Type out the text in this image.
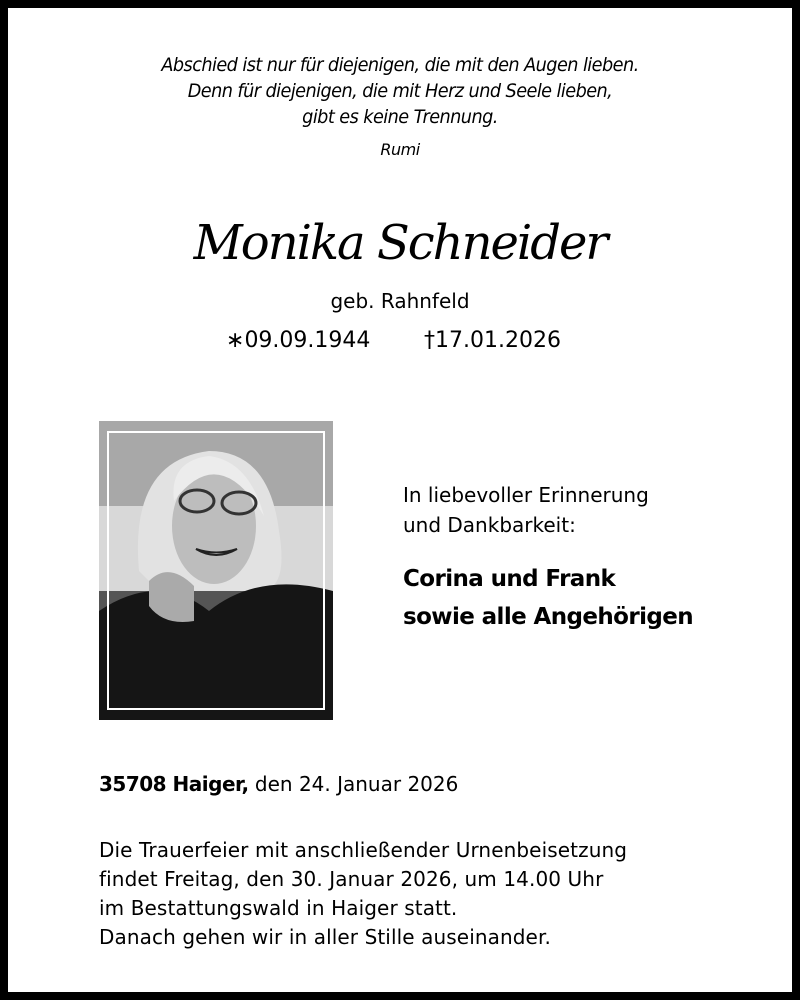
Abschied ist nur für diejenigen, die mit den Augen lieben.
Denn für diejenigen, die mit Herz und Seele lieben,
gibt es keine Trennung.
Rumi
Monika Schneider
geb. Rahnfeld
∗09.09.1944 †17.01.2026
In liebevoller Erinnerung
und Dankbarkeit:
Corina und Frank
sowie alle Angehörigen
35708 Haiger, den 24. Januar 2026
Die Trauerfeier mit anschließender Urnenbeisetzung
findet Freitag, den 30. Januar 2026, um 14.00 Uhr
im Bestattungswald in Haiger statt.
Danach gehen wir in aller Stille auseinander.
